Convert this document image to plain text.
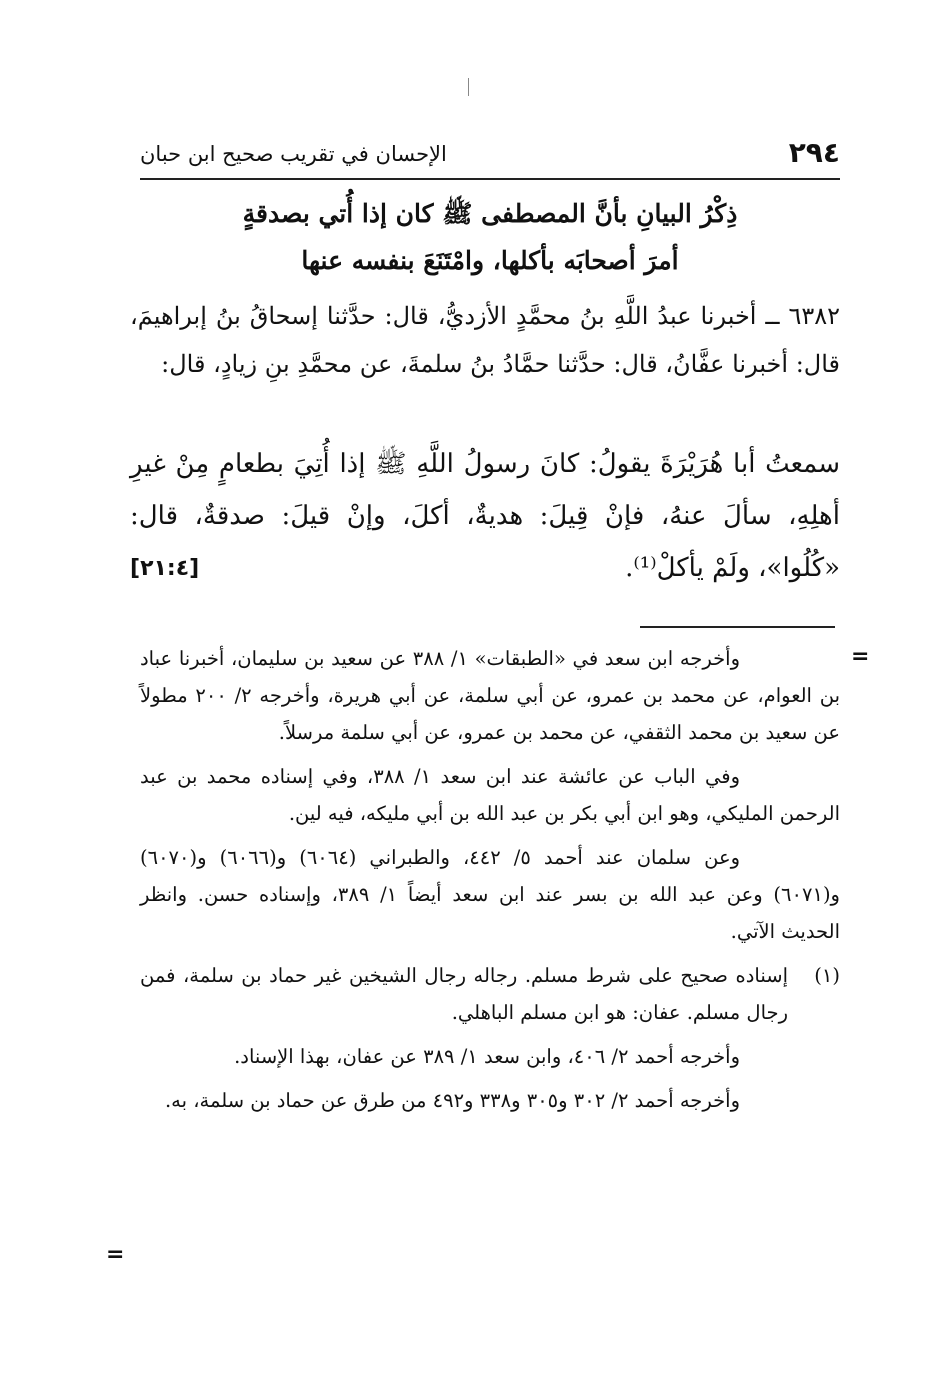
٢٩٤
الإحسان في تقريب صحيح ابن حبان
ذِكْرُ البيانِ بأنَّ المصطفى ﷺ كان إذا أُتي بصدقةٍ
أمرَ أصحابَه بأكلها، وامْتَنَعَ بنفسه عنها

٦٣٨٢ ــ أخبرنا عبدُ اللَّهِ بنُ محمَّدٍ الأزديُّ، قال: حدَّثنا إسحاقُ بنُ إبراهيمَ، قال: أخبرنا عفَّانُ، قال: حدَّثنا حمَّادُ بنُ سلمةَ، عن محمَّدِ بنِ زيادٍ، قال:

سمعتُ أبا هُرَيْرَةَ يقولُ: كانَ رسولُ اللَّهِ ﷺ إذا أُتِيَ بطعامٍ مِنْ غيرِ أهلِهِ، سألَ عنهُ، فإنْ قِيلَ: هديةٌ، أكلَ، وإنْ قيلَ: صدقةٌ، قال: «كُلُوا»، ولَمْ يأكلْ⁽¹⁾.

[٢١:٤]
=

وأخرجه ابن سعد في «الطبقات» ١/ ٣٨٨ عن سعيد بن سليمان، أخبرنا عباد بن العوام، عن محمد بن عمرو، عن أبي سلمة، عن أبي هريرة، وأخرجه ٢/ ٢٠٠ مطولاً عن سعيد بن محمد الثقفي، عن محمد بن عمرو، عن أبي سلمة مرسلاً.

وفي الباب عن عائشة عند ابن سعد ١/ ٣٨٨، وفي إسناده محمد بن عبد الرحمن المليكي، وهو ابن أبي بكر بن عبد الله بن أبي مليكه، فيه لين.

وعن سلمان عند أحمد ٥/ ٤٤٢، والطبراني (٦٠٦٤) و(٦٠٦٦) و(٦٠٧٠) و(٦٠٧١) وعن عبد الله بن بسر عند ابن سعد أيضاً ١/ ٣٨٩، وإسناده حسن. وانظر الحديث الآتي.

(١)
إسناده صحيح على شرط مسلم. رجاله رجال الشيخين غير حماد بن سلمة، فمن رجال مسلم. عفان: هو ابن مسلم الباهلي.

وأخرجه أحمد ٢/ ٤٠٦، وابن سعد ١/ ٣٨٩ عن عفان، بهذا الإسناد.

وأخرجه أحمد ٢/ ٣٠٢ و٣٠٥ و٣٣٨ و٤٩٢ من طرق عن حماد بن سلمة، به.

=
